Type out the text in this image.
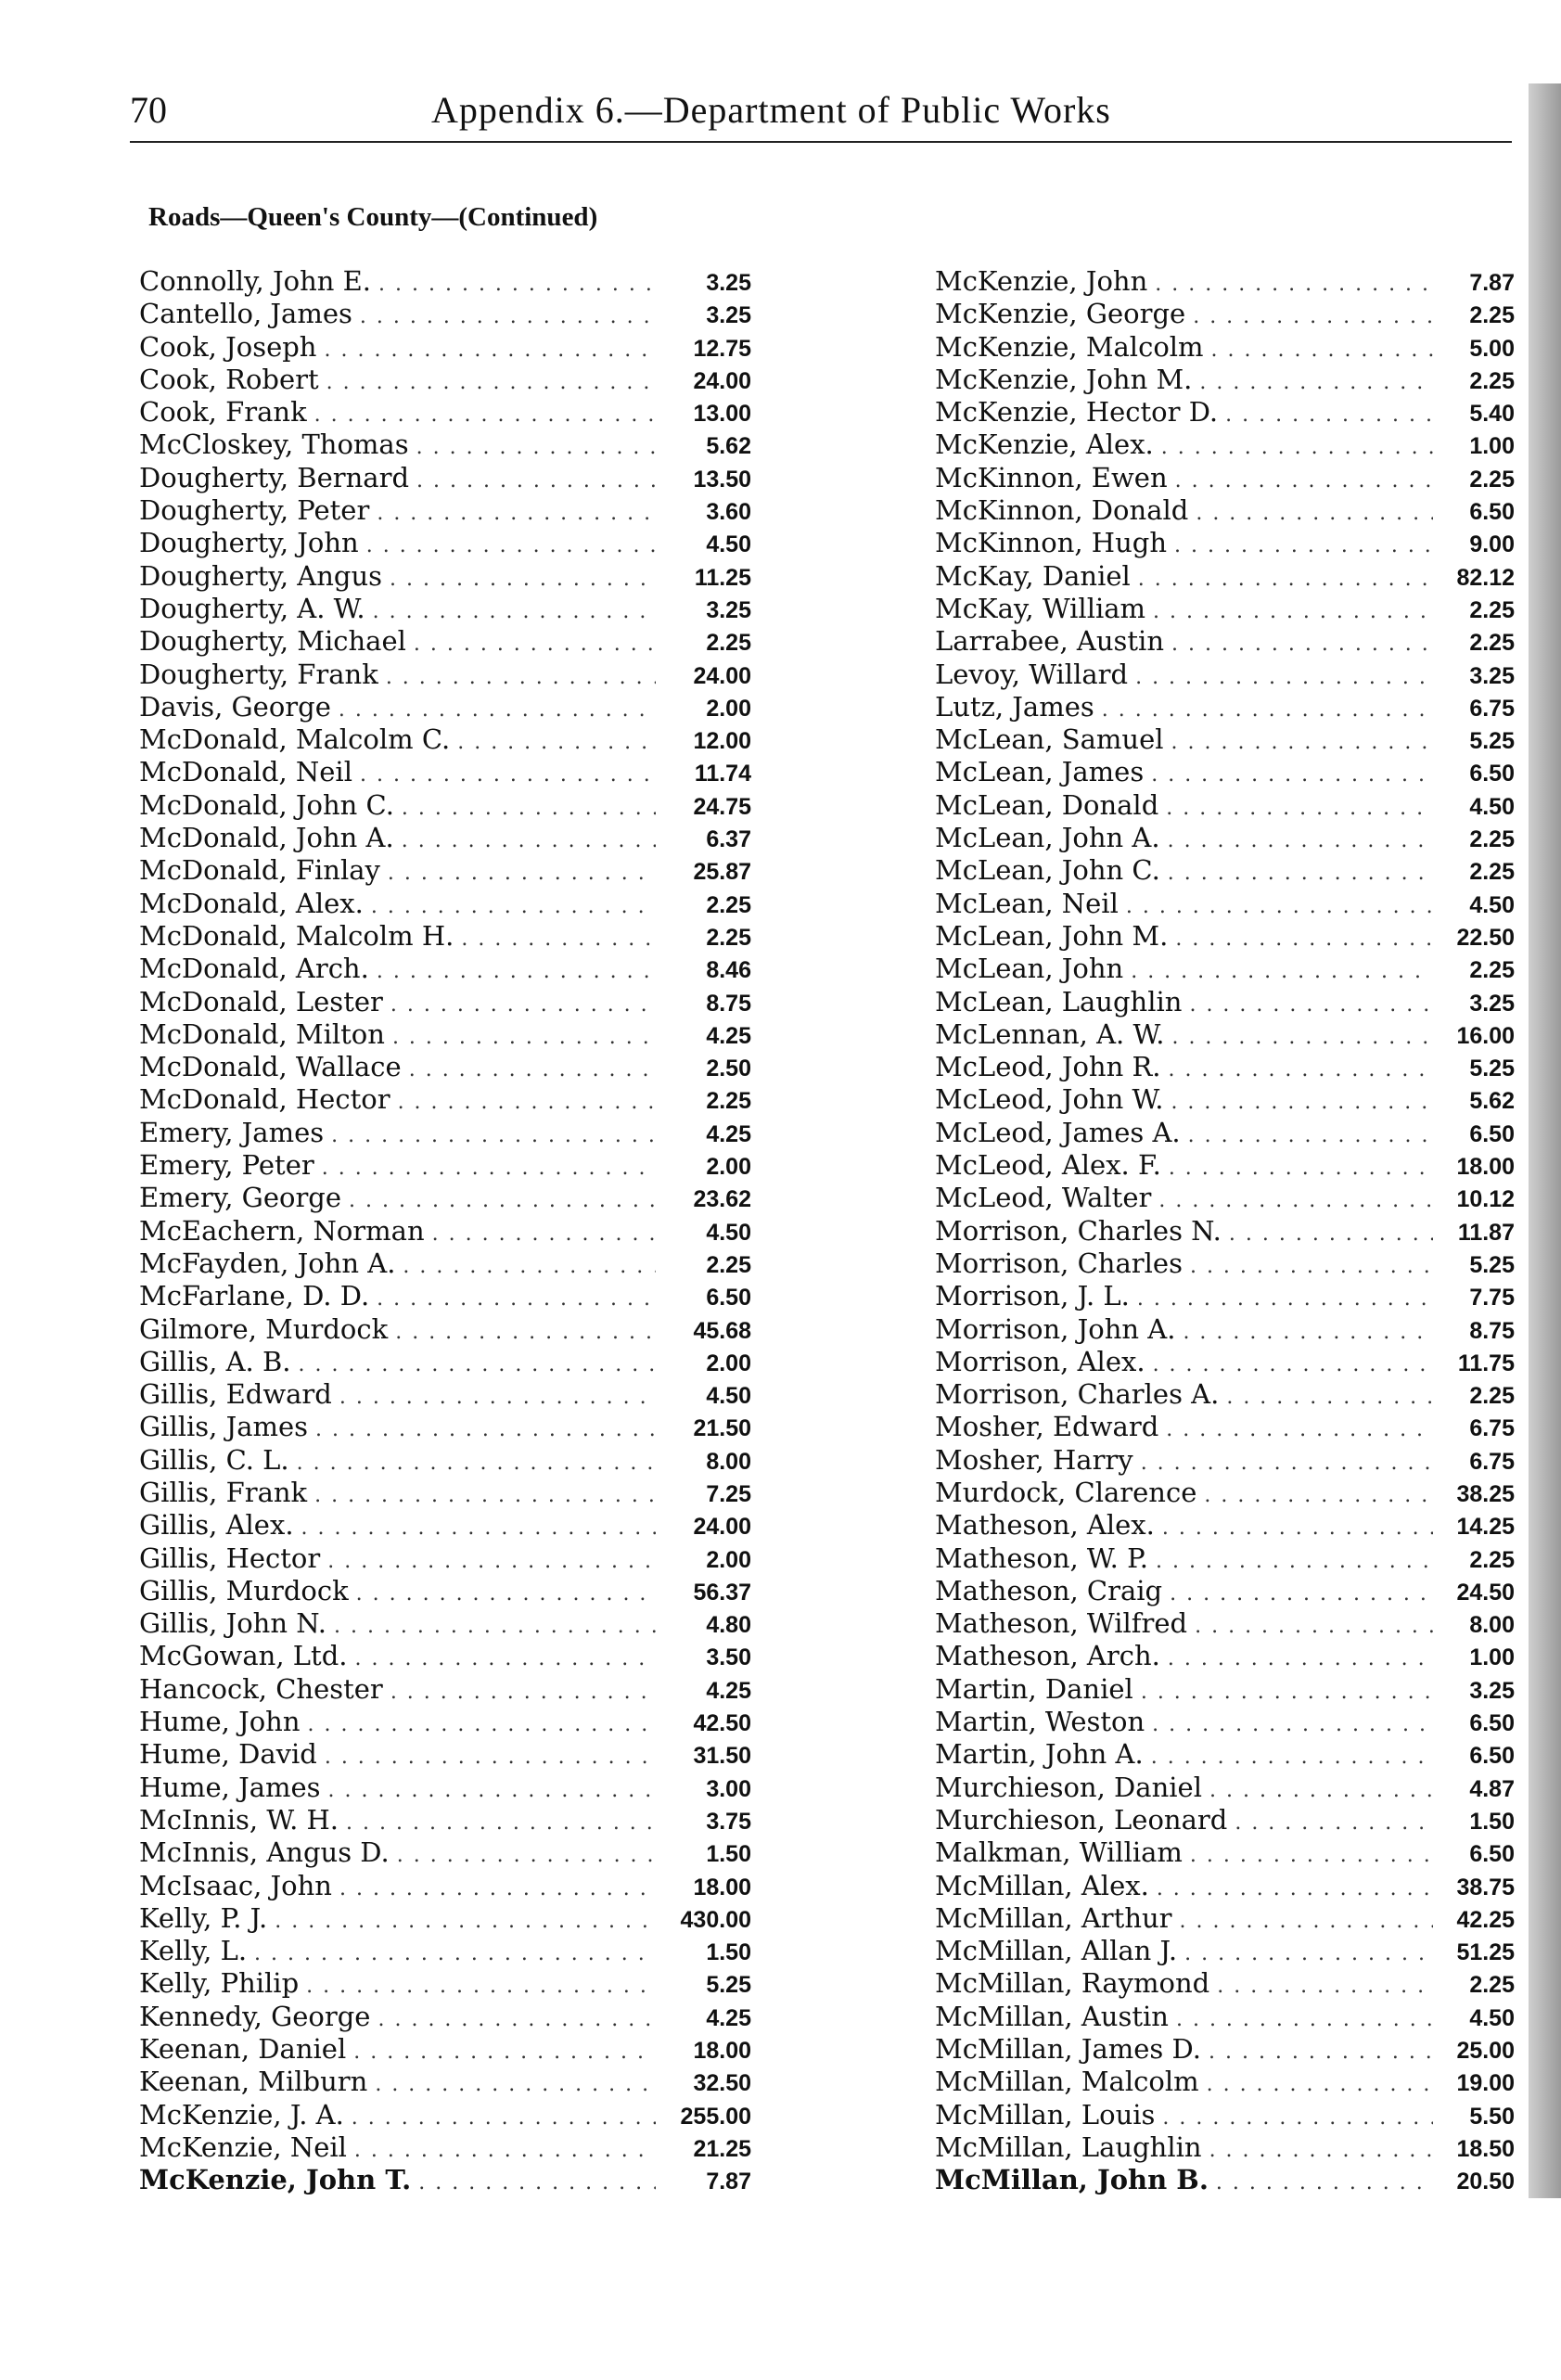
70	Appendix 6.—Department of Public Works
Roads—Queen's County—(Continued)
Connolly, John E. . . .	3.25
Cantello, James . . .	3.25
Cook, Joseph . . .	12.75
Cook, Robert . . .	24.00
Cook, Frank . . .	13.00
McCloskey, Thomas . . .	5.62
Dougherty, Bernard . . .	13.50
Dougherty, Peter . . .	3.60
Dougherty, John . . .	4.50
Dougherty, Angus . . .	11.25
Dougherty, A. W. . . .	3.25
Dougherty, Michael . . .	2.25
Dougherty, Frank . . .	24.00
Davis, George . . .	2.00
McDonald, Malcolm C. . . .	12.00
McDonald, Neil . . .	11.74
McDonald, John C. . . .	24.75
McDonald, John A. . . .	6.37
McDonald, Finlay . . .	25.87
McDonald, Alex. . . .	2.25
McDonald, Malcolm H. . . .	2.25
McDonald, Arch. . . .	8.46
McDonald, Lester . . .	8.75
McDonald, Milton . . .	4.25
McDonald, Wallace . . .	2.50
McDonald, Hector . . .	2.25
Emery, James . . .	4.25
Emery, Peter . . .	2.00
Emery, George . . .	23.62
McEachern, Norman . . .	4.50
McFayden, John A. . . .	2.25
McFarlane, D. D. . . .	6.50
Gilmore, Murdock . . .	45.68
Gillis, A. B. . . .	2.00
Gillis, Edward . . .	4.50
Gillis, James . . .	21.50
Gillis, C. L. . . .	8.00
Gillis, Frank . . .	7.25
Gillis, Alex. . . .	24.00
Gillis, Hector . . .	2.00
Gillis, Murdock . . .	56.37
Gillis, John N. . . .	4.80
McGowan, Ltd. . . .	3.50
Hancock, Chester . . .	4.25
Hume, John . . .	42.50
Hume, David . . .	31.50
Hume, James . . .	3.00
McInnis, W. H. . . .	3.75
McInnis, Angus D. . . .	1.50
McIsaac, John . . .	18.00
Kelly, P. J. . . .	430.00
Kelly, L. . . .	1.50
Kelly, Philip . . .	5.25
Kennedy, George . . .	4.25
Keenan, Daniel . . .	18.00
Keenan, Milburn . . .	32.50
McKenzie, J. A. . . .	255.00
McKenzie, Neil . . .	21.25
McKenzie, John T. . . .	7.87
McKenzie, John . . .	7.87
McKenzie, George . . .	2.25
McKenzie, Malcolm . . .	5.00
McKenzie, John M. . . .	2.25
McKenzie, Hector D. . . .	5.40
McKenzie, Alex. . . .	1.00
McKinnon, Ewen . . .	2.25
McKinnon, Donald . . .	6.50
McKinnon, Hugh . . .	9.00
McKay, Daniel . . .	82.12
McKay, William . . .	2.25
Larrabee, Austin . . .	2.25
Levoy, Willard . . .	3.25
Lutz, James . . .	6.75
McLean, Samuel . . .	5.25
McLean, James . . .	6.50
McLean, Donald . . .	4.50
McLean, John A. . . .	2.25
McLean, John C. . . .	2.25
McLean, Neil . . .	4.50
McLean, John M. . . .	22.50
McLean, John . . .	2.25
McLean, Laughlin . . .	3.25
McLennan, A. W. . . .	16.00
McLeod, John R. . . .	5.25
McLeod, John W. . . .	5.62
McLeod, James A. . . .	6.50
McLeod, Alex. F. . . .	18.00
McLeod, Walter . . .	10.12
Morrison, Charles N. . . .	11.87
Morrison, Charles . . .	5.25
Morrison, J. L. . . .	7.75
Morrison, John A. . . .	8.75
Morrison, Alex. . . .	11.75
Morrison, Charles A. . . .	2.25
Mosher, Edward . . .	6.75
Mosher, Harry . . .	6.75
Murdock, Clarence . . .	38.25
Matheson, Alex. . . .	14.25
Matheson, W. P. . . .	2.25
Matheson, Craig . . .	24.50
Matheson, Wilfred . . .	8.00
Matheson, Arch. . . .	1.00
Martin, Daniel . . .	3.25
Martin, Weston . . .	6.50
Martin, John A. . . .	6.50
Murchieson, Daniel . . .	4.87
Murchieson, Leonard . . .	1.50
Malkman, William . . .	6.50
McMillan, Alex. . . .	38.75
McMillan, Arthur . . .	42.25
McMillan, Allan J. . . .	51.25
McMillan, Raymond . . .	2.25
McMillan, Austin . . .	4.50
McMillan, James D. . . .	25.00
McMillan, Malcolm . . .	19.00
McMillan, Louis . . .	5.50
McMillan, Laughlin . . .	18.50
McMillan, John B. . . .	20.50
